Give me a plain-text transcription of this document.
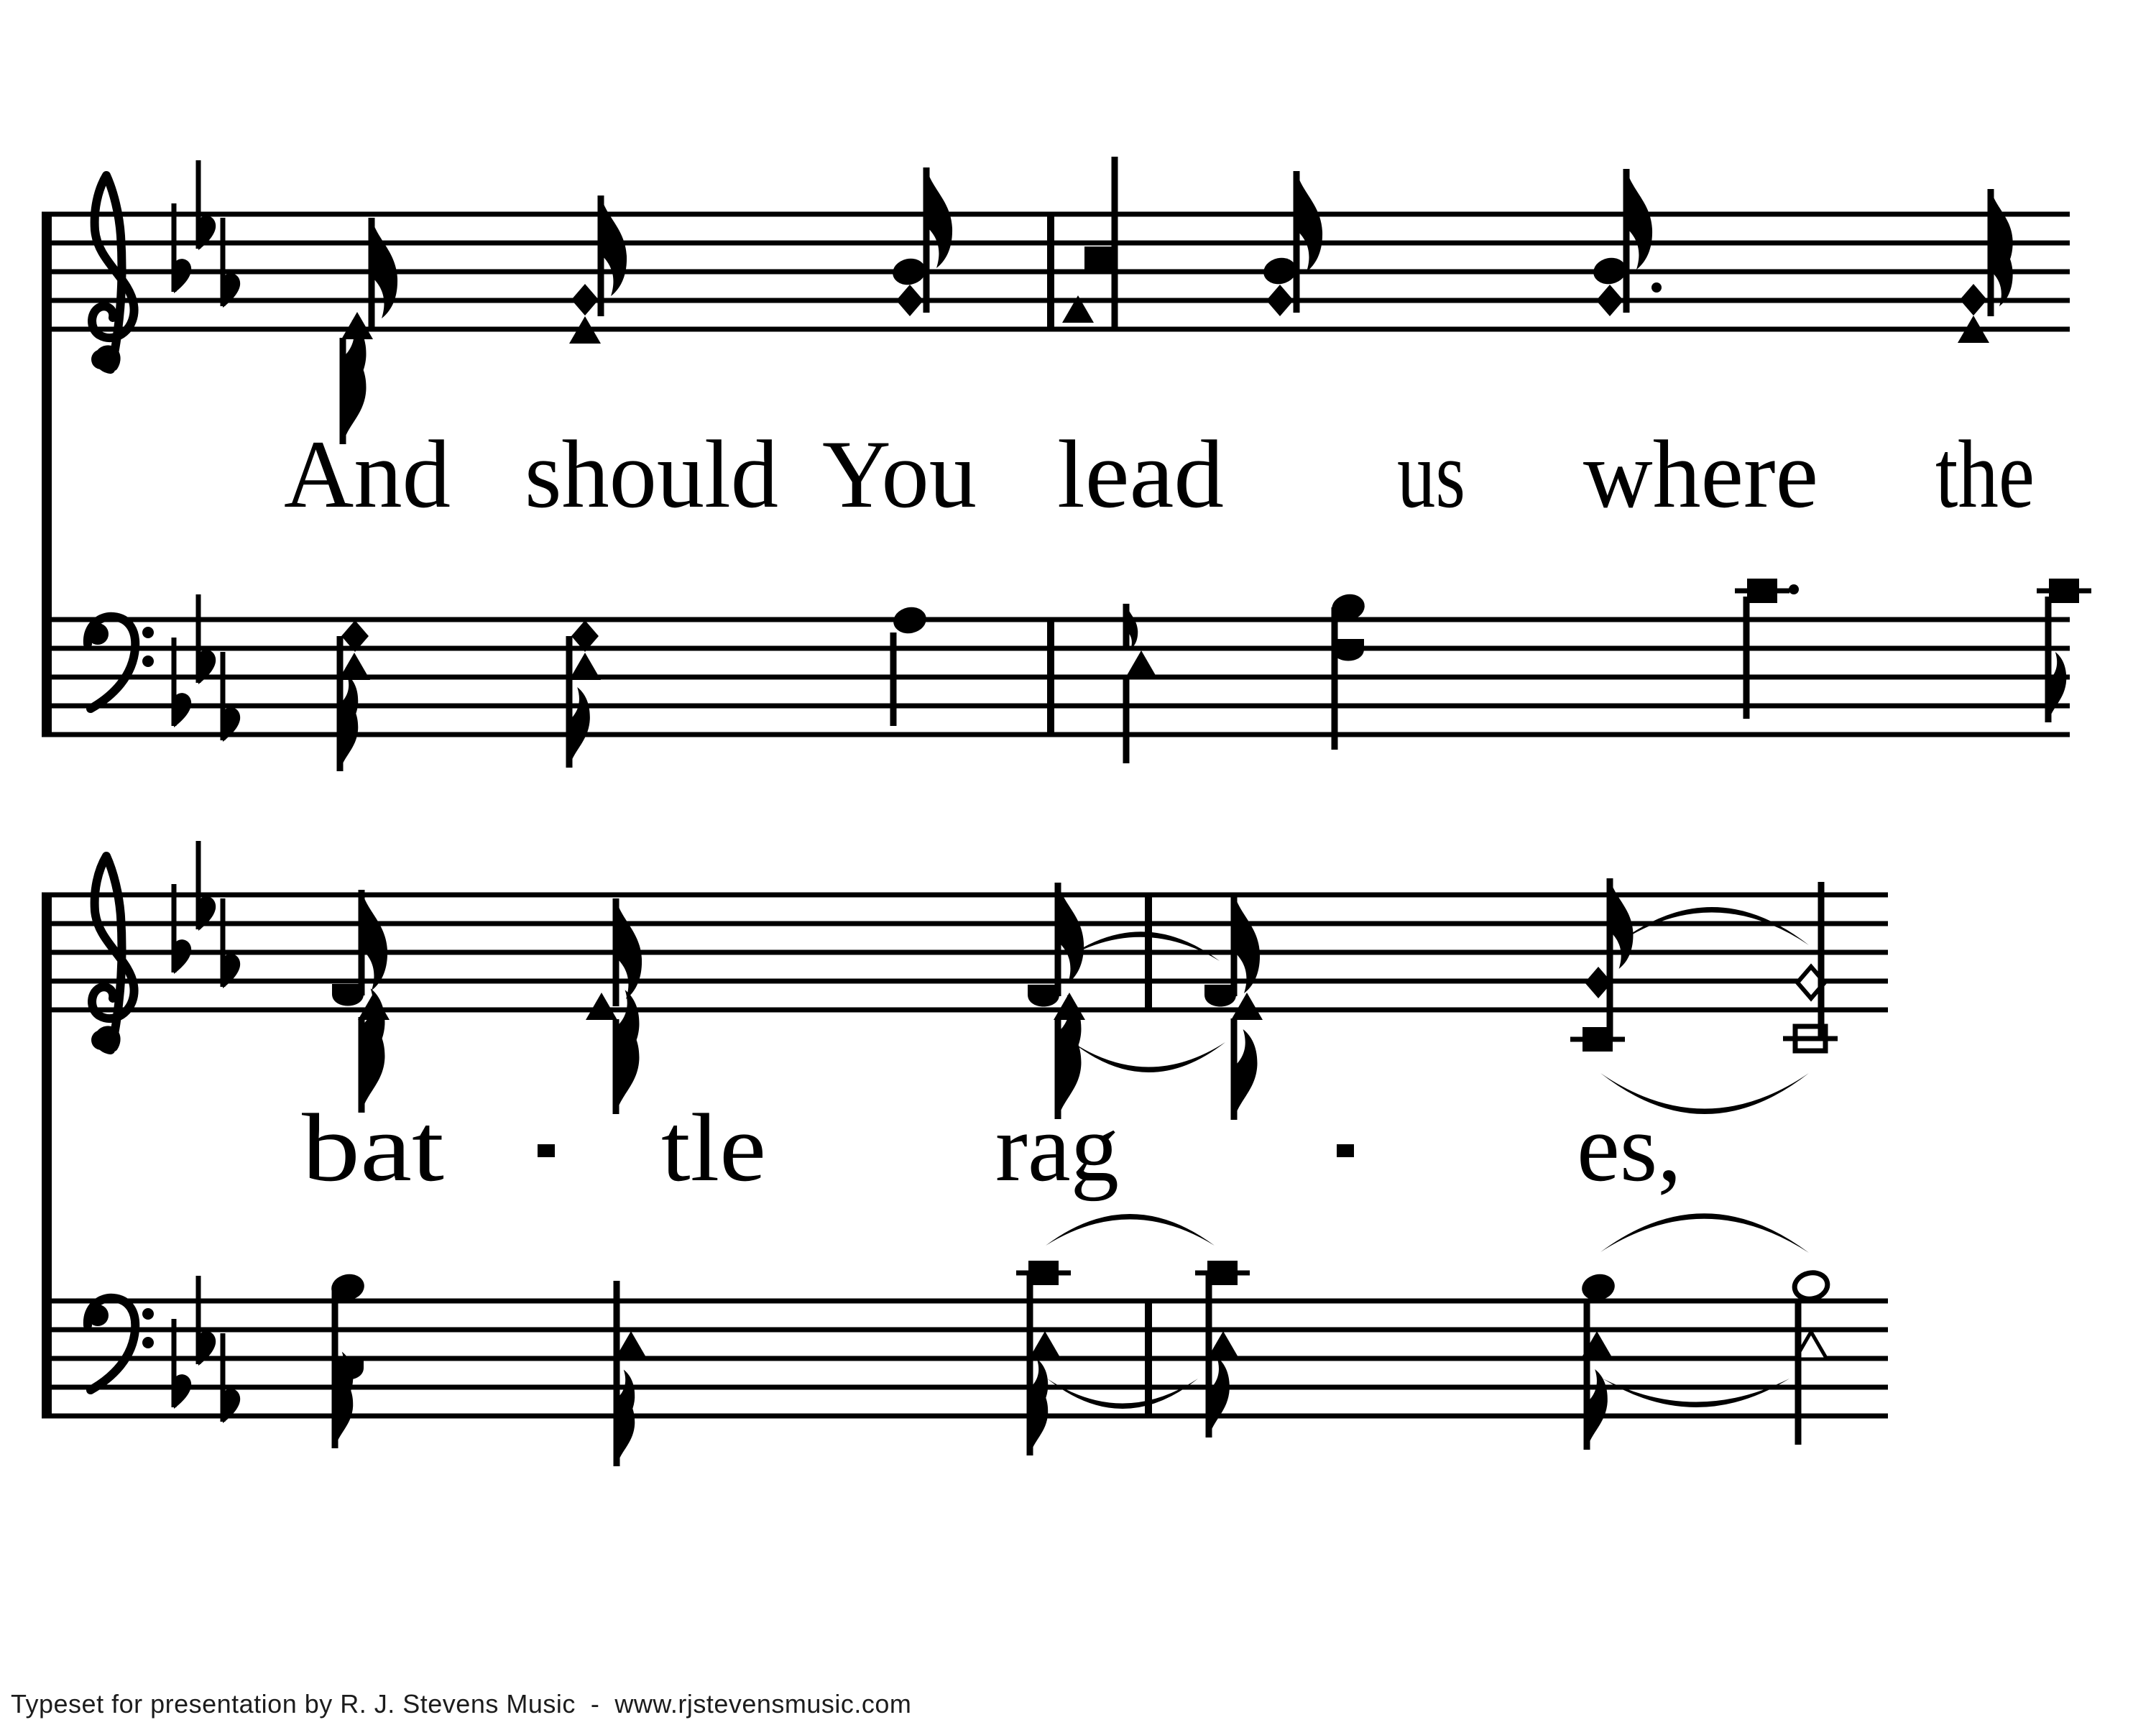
And should You lead us where the
bat tle rag	es,
Typeset for presentation by R. J. Stevens Music  -  www.rjstevensmusic.com
